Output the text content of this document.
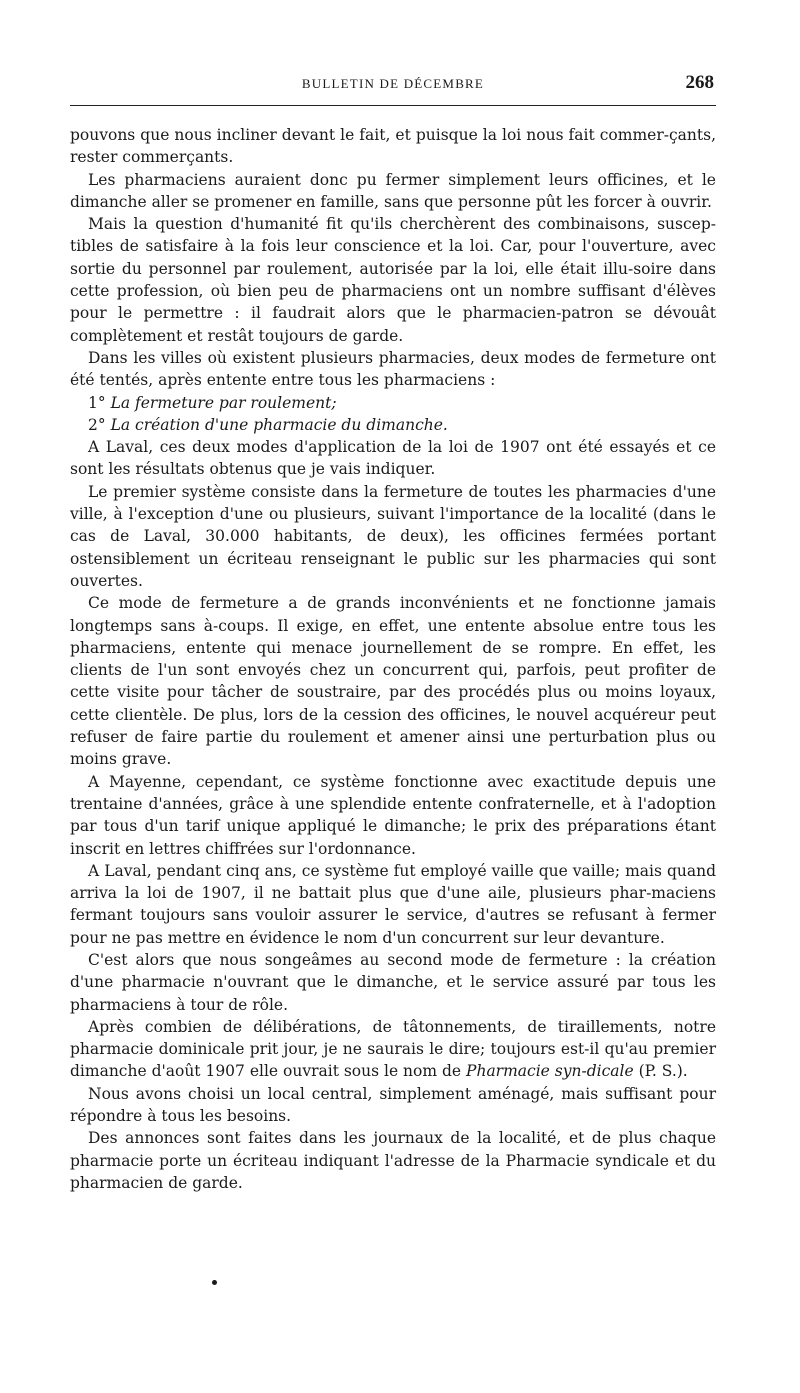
BULLETIN DE DÉCEMBRE	268

pouvons que nous incliner devant le fait, et puisque la loi nous fait commer-çants, rester commerçants.

Les pharmaciens auraient donc pu fermer simplement leurs officines, et le dimanche aller se promener en famille, sans que personne pût les forcer à ouvrir.

Mais la question d'humanité fit qu'ils cherchèrent des combinaisons, suscep-tibles de satisfaire à la fois leur conscience et la loi. Car, pour l'ouverture, avec sortie du personnel par roulement, autorisée par la loi, elle était illu-soire dans cette profession, où bien peu de pharmaciens ont un nombre suffisant d'élèves pour le permettre : il faudrait alors que le pharmacien-patron se dévouât complètement et restât toujours de garde.

Dans les villes où existent plusieurs pharmacies, deux modes de fermeture ont été tentés, après entente entre tous les pharmaciens :

1° La fermeture par roulement;

2° La création d'une pharmacie du dimanche.

A Laval, ces deux modes d'application de la loi de 1907 ont été essayés et ce sont les résultats obtenus que je vais indiquer.

Le premier système consiste dans la fermeture de toutes les pharmacies d'une ville, à l'exception d'une ou plusieurs, suivant l'importance de la localité (dans le cas de Laval, 30.000 habitants, de deux), les officines fermées portant ostensiblement un écriteau renseignant le public sur les pharmacies qui sont ouvertes.

Ce mode de fermeture a de grands inconvénients et ne fonctionne jamais longtemps sans à-coups. Il exige, en effet, une entente absolue entre tous les pharmaciens, entente qui menace journellement de se rompre. En effet, les clients de l'un sont envoyés chez un concurrent qui, parfois, peut profiter de cette visite pour tâcher de soustraire, par des procédés plus ou moins loyaux, cette clientèle. De plus, lors de la cession des officines, le nouvel acquéreur peut refuser de faire partie du roulement et amener ainsi une perturbation plus ou moins grave.

A Mayenne, cependant, ce système fonctionne avec exactitude depuis une trentaine d'années, grâce à une splendide entente confraternelle, et à l'adoption par tous d'un tarif unique appliqué le dimanche; le prix des préparations étant inscrit en lettres chiffrées sur l'ordonnance.

A Laval, pendant cinq ans, ce système fut employé vaille que vaille; mais quand arriva la loi de 1907, il ne battait plus que d'une aile, plusieurs phar-maciens fermant toujours sans vouloir assurer le service, d'autres se refusant à fermer pour ne pas mettre en évidence le nom d'un concurrent sur leur devanture.

C'est alors que nous songeâmes au second mode de fermeture : la création d'une pharmacie n'ouvrant que le dimanche, et le service assuré par tous les pharmaciens à tour de rôle.

Après combien de délibérations, de tâtonnements, de tiraillements, notre pharmacie dominicale prit jour, je ne saurais le dire; toujours est-il qu'au premier dimanche d'août 1907 elle ouvrait sous le nom de Pharmacie syn-dicale (P. S.).

Nous avons choisi un local central, simplement aménagé, mais suffisant pour répondre à tous les besoins.

Des annonces sont faites dans les journaux de la localité, et de plus chaque pharmacie porte un écriteau indiquant l'adresse de la Pharmacie syndicale et du pharmacien de garde.
